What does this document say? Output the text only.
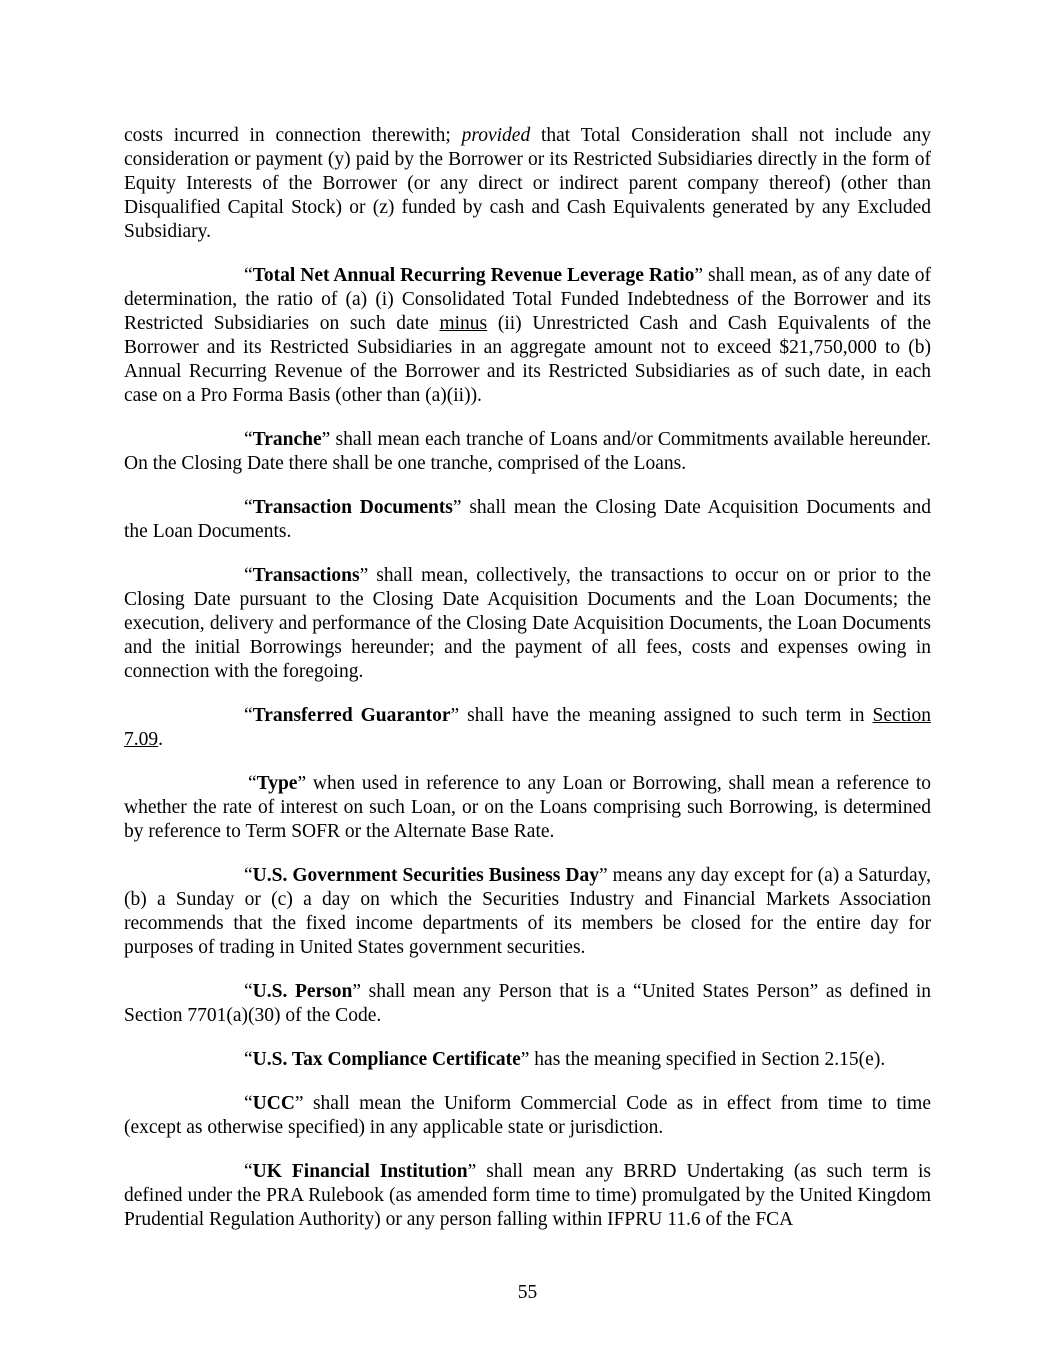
costs incurred in connection therewith; provided that Total Consideration shall not include any consideration or payment (y) paid by the Borrower or its Restricted Subsidiaries directly in the form of Equity Interests of the Borrower (or any direct or indirect parent company thereof) (other than Disqualified Capital Stock) or (z) funded by cash and Cash Equivalents generated by any Excluded Subsidiary.

“Total Net Annual Recurring Revenue Leverage Ratio” shall mean, as of any date of determination, the ratio of (a) (i) Consolidated Total Funded Indebtedness of the Borrower and its Restricted Subsidiaries on such date minus (ii) Unrestricted Cash and Cash Equivalents of the Borrower and its Restricted Subsidiaries in an aggregate amount not to exceed $21,750,000 to (b) Annual Recurring Revenue of the Borrower and its Restricted Subsidiaries as of such date, in each case on a Pro Forma Basis (other than (a)(ii)).

“Tranche” shall mean each tranche of Loans and/or Commitments available hereunder. On the Closing Date there shall be one tranche, comprised of the Loans.

“Transaction Documents” shall mean the Closing Date Acquisition Documents and the Loan Documents.

“Transactions” shall mean, collectively, the transactions to occur on or prior to the Closing Date pursuant to the Closing Date Acquisition Documents and the Loan Documents; the execution, delivery and performance of the Closing Date Acquisition Documents, the Loan Documents and the initial Borrowings hereunder; and the payment of all fees, costs and expenses owing in connection with the foregoing.

“Transferred Guarantor” shall have the meaning assigned to such term in Section 7.09.

“Type” when used in reference to any Loan or Borrowing, shall mean a reference to whether the rate of interest on such Loan, or on the Loans comprising such Borrowing, is determined by reference to Term SOFR or the Alternate Base Rate.

“U.S. Government Securities Business Day” means any day except for (a) a Saturday, (b) a Sunday or (c) a day on which the Securities Industry and Financial Markets Association recommends that the fixed income departments of its members be closed for the entire day for purposes of trading in United States government securities.

“U.S. Person” shall mean any Person that is a “United States Person” as defined in Section 7701(a)(30) of the Code.

“U.S. Tax Compliance Certificate” has the meaning specified in Section 2.15(e).

“UCC” shall mean the Uniform Commercial Code as in effect from time to time (except as otherwise specified) in any applicable state or jurisdiction.

“UK Financial Institution” shall mean any BRRD Undertaking (as such term is defined under the PRA Rulebook (as amended form time to time) promulgated by the United Kingdom Prudential Regulation Authority) or any person falling within IFPRU 11.6 of the FCA

55
